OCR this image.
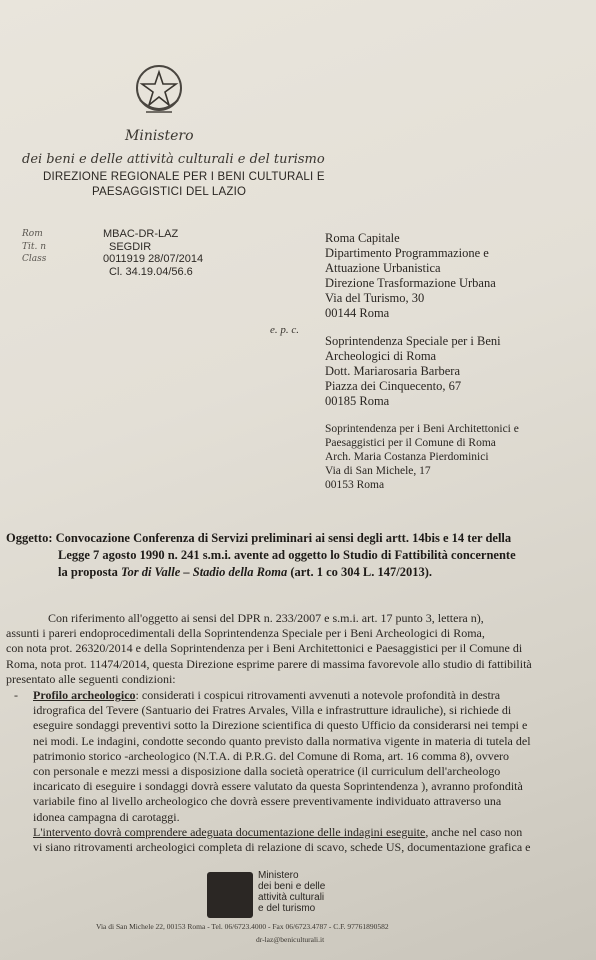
Ministero
dei beni e delle attività culturali e del turismo
DIREZIONE REGIONALE PER I BENI CULTURALI E
PAESAGGISTICI DEL LAZIO
Rom
Tit. n
Class
MBAC-DR-LAZ
SEGDIR
0011919 28/07/2014
Cl. 34.19.04/56.6
Roma Capitale
Dipartimento Programmazione e
Attuazione Urbanistica
Direzione Trasformazione Urbana
Via del Turismo, 30
00144 Roma
e. p. c.
Soprintendenza Speciale per i Beni
Archeologici di Roma
Dott. Mariarosaria Barbera
Piazza dei Cinquecento, 67
00185 Roma
Soprintendenza per i Beni Architettonici e
Paesaggistici per il Comune di Roma
Arch. Maria Costanza Pierdominici
Via di San Michele, 17
00153 Roma
Oggetto: Convocazione Conferenza di Servizi preliminari ai sensi degli artt. 14bis e 14 ter della
Legge 7 agosto 1990 n. 241 s.m.i. avente ad oggetto lo Studio di Fattibilità concernente
la proposta Tor di Valle – Stadio della Roma (art. 1 co 304 L. 147/2013).
Con riferimento all'oggetto ai sensi del DPR n. 233/2007 e s.m.i. art. 17 punto 3, lettera n),
assunti i pareri endoprocedimentali della Soprintendenza Speciale per i Beni Archeologici di Roma,
con nota prot. 26320/2014 e della Soprintendenza per i Beni Architettonici e Paesaggistici per il Comune di
Roma, nota prot. 11474/2014, questa Direzione esprime parere di massima favorevole allo studio di fattibilità
presentato alle seguenti condizioni:
- Profilo archeologico: considerati i cospicui ritrovamenti avvenuti a notevole profondità in destra
idrografica del Tevere (Santuario dei Fratres Arvales, Villa e infrastrutture idrauliche), si richiede di
eseguire sondaggi preventivi sotto la Direzione scientifica di questo Ufficio da considerarsi nei tempi e
nei modi. Le indagini, condotte secondo quanto previsto dalla normativa vigente in materia di tutela del
patrimonio storico -archeologico (N.T.A. di P.R.G. del Comune di Roma, art. 16 comma 8), ovvero
con personale e mezzi messi a disposizione dalla società operatrice (il curriculum dell'archeologo
incaricato di eseguire i sondaggi dovrà essere valutato da questa Soprintendenza ), avranno profondità
variabile fino al livello archeologico che dovrà essere preventivamente individuato attraverso una
idonea campagna di carotaggi.
L'intervento dovrà comprendere adeguata documentazione delle indagini eseguite, anche nel caso non
vi siano ritrovamenti archeologici completa di relazione di scavo, schede US, documentazione grafica e
Ministero
dei beni e delle
attività culturali
e del turismo
Via di San Michele 22, 00153 Roma - Tel. 06/6723.4000 - Fax 06/6723.4787 - C.F. 97761890582
dr-laz@beniculturali.it
